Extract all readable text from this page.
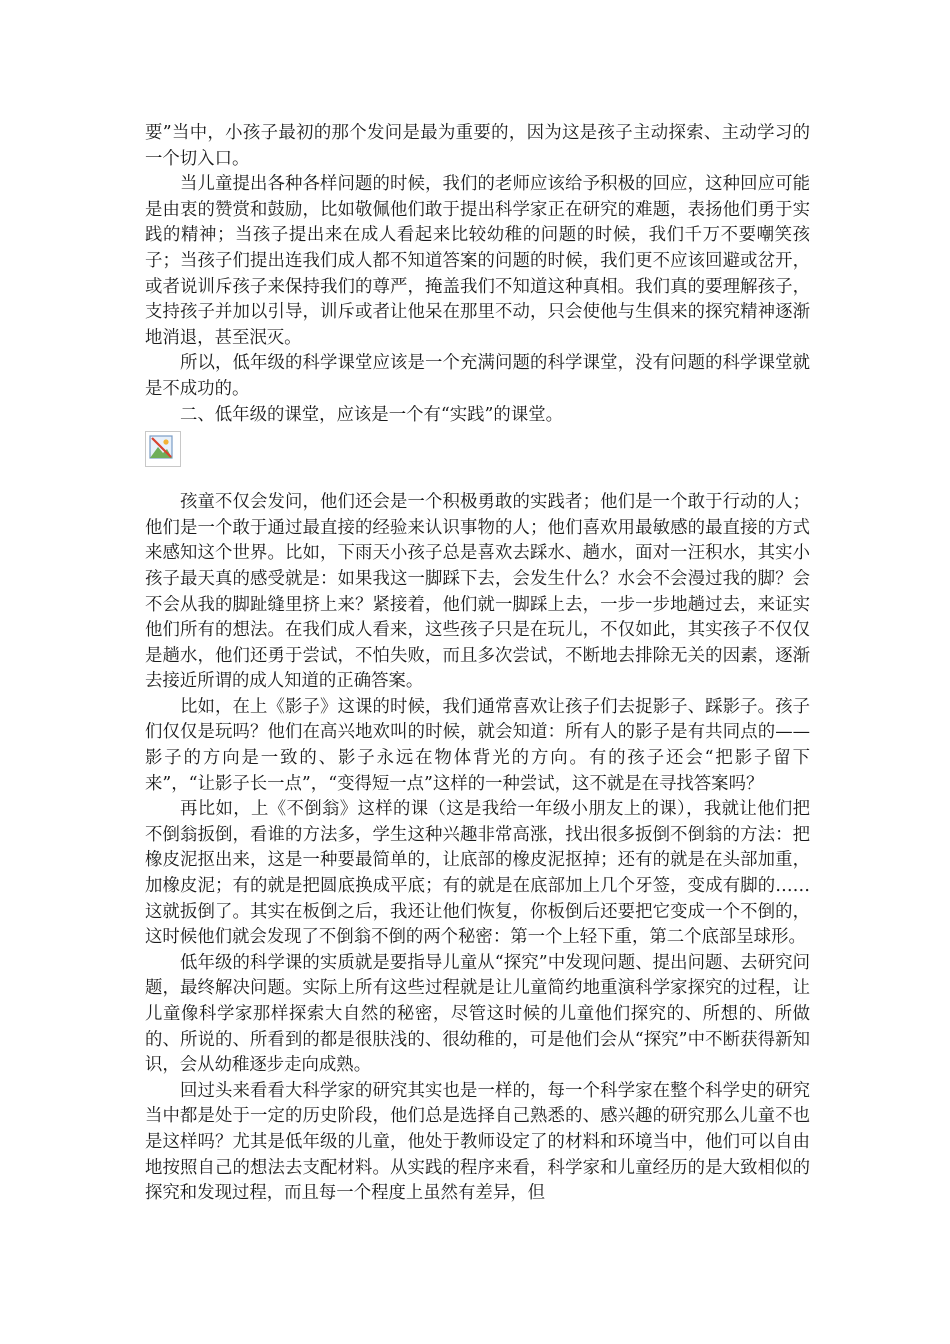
要”当中，小孩子最初的那个发问是最为重要的，因为这是孩子主动探索、主动学习的一个切入口。

当儿童提出各种各样问题的时候，我们的老师应该给予积极的回应，这种回应可能是由衷的赞赏和鼓励，比如敬佩他们敢于提出科学家正在研究的难题，表扬他们勇于实践的精神；当孩子提出来在成人看起来比较幼稚的问题的时候，我们千万不要嘲笑孩子；当孩子们提出连我们成人都不知道答案的问题的时候，我们更不应该回避或岔开，或者说训斥孩子来保持我们的尊严，掩盖我们不知道这种真相。我们真的要理解孩子，支持孩子并加以引导，训斥或者让他呆在那里不动，只会使他与生俱来的探究精神逐渐地消退，甚至泯灭。

所以，低年级的科学课堂应该是一个充满问题的科学课堂，没有问题的科学课堂就是不成功的。

二、低年级的课堂，应该是一个有“实践”的课堂。

孩童不仅会发问，他们还会是一个积极勇敢的实践者；他们是一个敢于行动的人；他们是一个敢于通过最直接的经验来认识事物的人；他们喜欢用最敏感的最直接的方式来感知这个世界。比如，下雨天小孩子总是喜欢去踩水、趟水，面对一汪积水，其实小孩子最天真的感受就是：如果我这一脚踩下去，会发生什么？水会不会漫过我的脚？会不会从我的脚趾缝里挤上来？紧接着，他们就一脚踩上去，一步一步地趟过去，来证实他们所有的想法。在我们成人看来，这些孩子只是在玩儿，不仅如此，其实孩子不仅仅是趟水，他们还勇于尝试，不怕失败，而且多次尝试，不断地去排除无关的因素，逐渐去接近所谓的成人知道的正确答案。

比如，在上《影子》这课的时候，我们通常喜欢让孩子们去捉影子、踩影子。孩子们仅仅是玩吗？他们在高兴地欢叫的时候，就会知道：所有人的影子是有共同点的——影子的方向是一致的、影子永远在物体背光的方向。有的孩子还会“把影子留下来”，“让影子长一点”，“变得短一点”这样的一种尝试，这不就是在寻找答案吗？

再比如，上《不倒翁》这样的课（这是我给一年级小朋友上的课），我就让他们把不倒翁扳倒，看谁的方法多，学生这种兴趣非常高涨，找出很多扳倒不倒翁的方法：把橡皮泥抠出来，这是一种要最简单的，让底部的橡皮泥抠掉；还有的就是在头部加重，加橡皮泥；有的就是把圆底换成平底；有的就是在底部加上几个牙签，变成有脚的……这就扳倒了。其实在板倒之后，我还让他们恢复，你板倒后还要把它变成一个不倒的，这时候他们就会发现了不倒翁不倒的两个秘密：第一个上轻下重，第二个底部呈球形。

低年级的科学课的实质就是要指导儿童从“探究”中发现问题、提出问题、去研究问题，最终解决问题。实际上所有这些过程就是让儿童简约地重演科学家探究的过程，让儿童像科学家那样探索大自然的秘密，尽管这时候的儿童他们探究的、所想的、所做的、所说的、所看到的都是很肤浅的、很幼稚的，可是他们会从“探究”中不断获得新知识，会从幼稚逐步走向成熟。

回过头来看看大科学家的研究其实也是一样的，每一个科学家在整个科学史的研究当中都是处于一定的历史阶段，他们总是选择自己熟悉的、感兴趣的研究那么儿童不也是这样吗？尤其是低年级的儿童，他处于教师设定了的材料和环境当中，他们可以自由地按照自己的想法去支配材料。从实践的程序来看，科学家和儿童经历的是大致相似的探究和发现过程，而且每一个程度上虽然有差异，但
